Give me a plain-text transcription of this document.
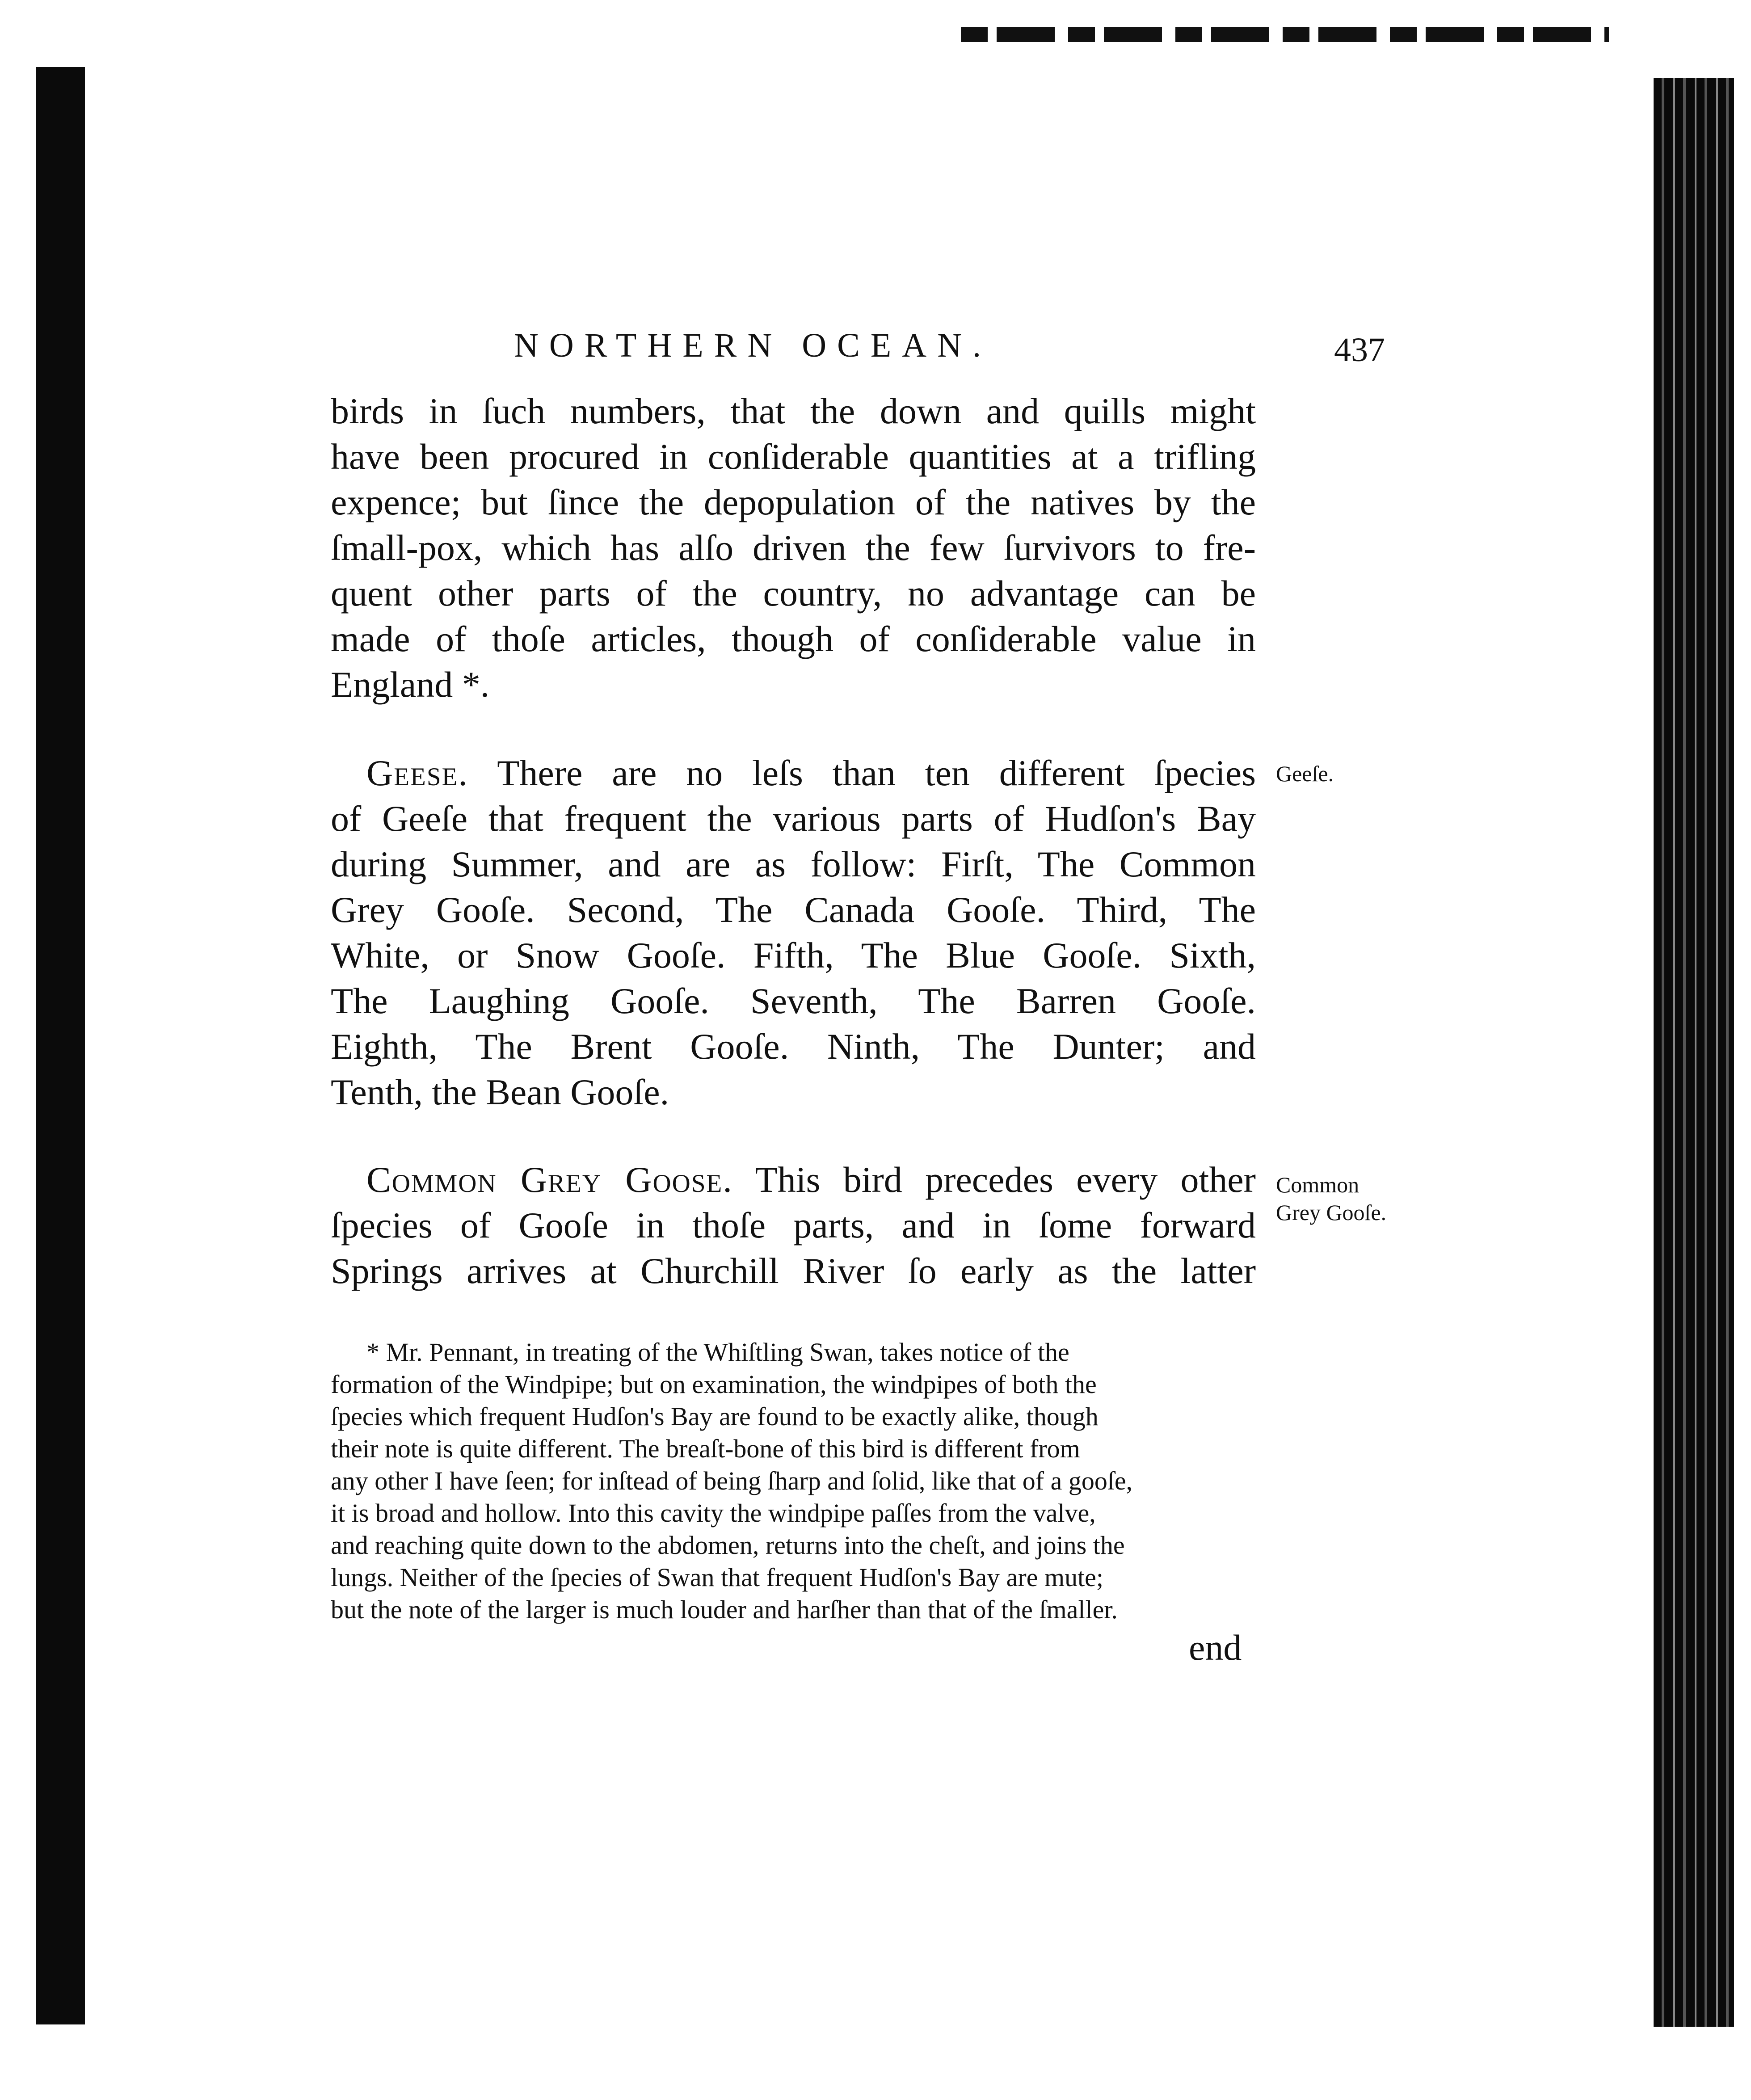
NORTHERN OCEAN.	437
birds in ſuch numbers, that the down and quills might
have been procured in conſiderable quantities at a trifling
expence; but ſince the depopulation of the natives by the
ſmall-pox, which has alſo driven the few ſurvivors to fre-
quent other parts of the country, no advantage can be
made of thoſe articles, though of conſiderable value in
England *.
Geese. There are no leſs than ten different ſpecies
of Geeſe that frequent the various parts of Hudſon's Bay
during Summer, and are as follow: Firſt, The Common
Grey Gooſe. Second, The Canada Gooſe. Third, The
White, or Snow Gooſe. Fifth, The Blue Gooſe. Sixth,
The Laughing Gooſe. Seventh, The Barren Gooſe.
Eighth, The Brent Gooſe. Ninth, The Dunter; and
Tenth, the Bean Gooſe.
Common Grey Goose. This bird precedes every other
ſpecies of Gooſe in thoſe parts, and in ſome forward
Springs arrives at Churchill River ſo early as the latter
Geeſe.
Common
Grey Gooſe.
* Mr. Pennant, in treating of the Whiſtling Swan, takes notice of the
formation of the Windpipe; but on examination, the windpipes of both the
ſpecies which frequent Hudſon's Bay are found to be exactly alike, though
their note is quite different. The breaſt-bone of this bird is different from
any other I have ſeen; for inſtead of being ſharp and ſolid, like that of a gooſe,
it is broad and hollow. Into this cavity the windpipe paſſes from the valve,
and reaching quite down to the abdomen, returns into the cheſt, and joins the
lungs. Neither of the ſpecies of Swan that frequent Hudſon's Bay are mute;
but the note of the larger is much louder and harſher than that of the ſmaller.
end
